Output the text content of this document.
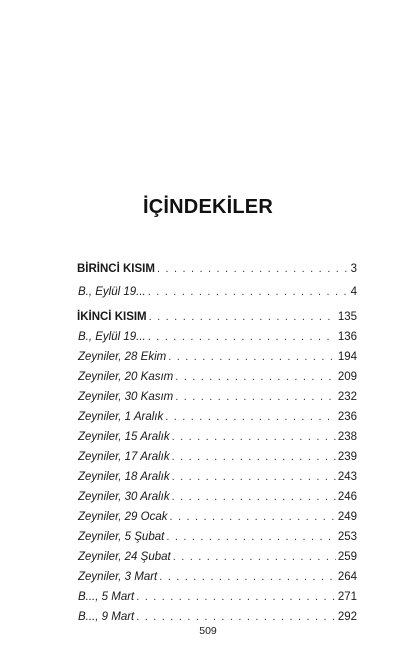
İÇİNDEKİLER
BİRİNCİ KISIM . . .	3
B., Eylül 19... . . .	4
İKİNCİ KISIM . . .	135
B., Eylül 19... . . .	136
Zeyniler, 28 Ekim . . .	194
Zeyniler, 20 Kasım . . .	209
Zeyniler, 30 Kasım . . .	232
Zeyniler, 1 Aralık . . .	236
Zeyniler, 15 Aralık . . .	238
Zeyniler, 17 Aralık . . .	239
Zeyniler, 18 Aralık . . .	243
Zeyniler, 30 Aralık . . .	246
Zeyniler, 29 Ocak . . .	249
Zeyniler, 5 Şubat . . .	253
Zeyniler, 24 Şubat . . .	259
Zeyniler, 3 Mart . . .	264
B..., 5 Mart . . .	271
B..., 9 Mart . . .	292
509
